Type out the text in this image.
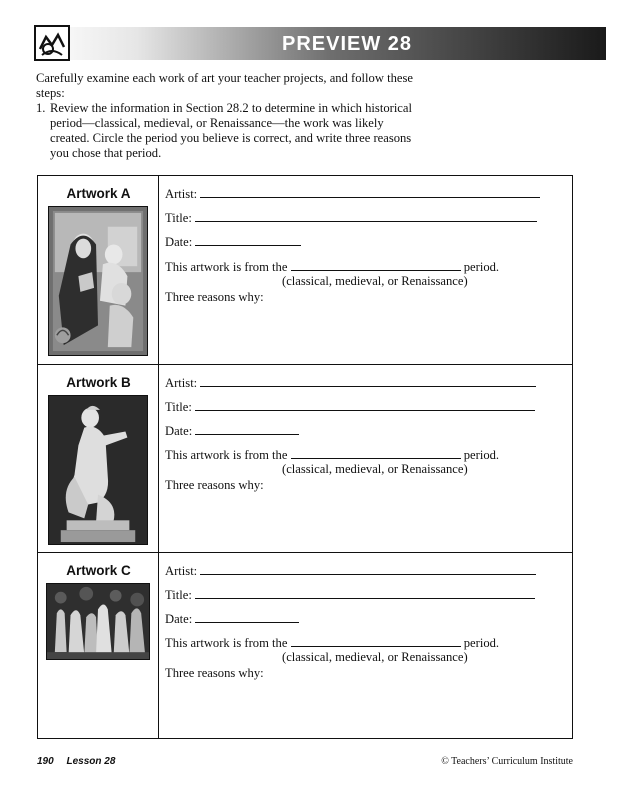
PREVIEW 28

Carefully examine each work of art your teacher projects, and follow these steps:

1. Review the information in Section 28.2 to determine in which historical period—classical, medieval, or Renaissance—the work was likely created. Circle the period you believe is correct, and write three reasons you chose that period.
Artwork A	Artist:
Title:
Date:
This artwork is from the	period.
(classical, medieval, or Renaissance)
Three reasons why:
Artwork B	Artist:
Title:
Date:
This artwork is from the	period.
(classical, medieval, or Renaissance)
Three reasons why:
Artwork C	Artist:
Title:
Date:
This artwork is from the	period.
(classical, medieval, or Renaissance)
Three reasons why:
190 Lesson 28	© Teachers’ Curriculum Institute
